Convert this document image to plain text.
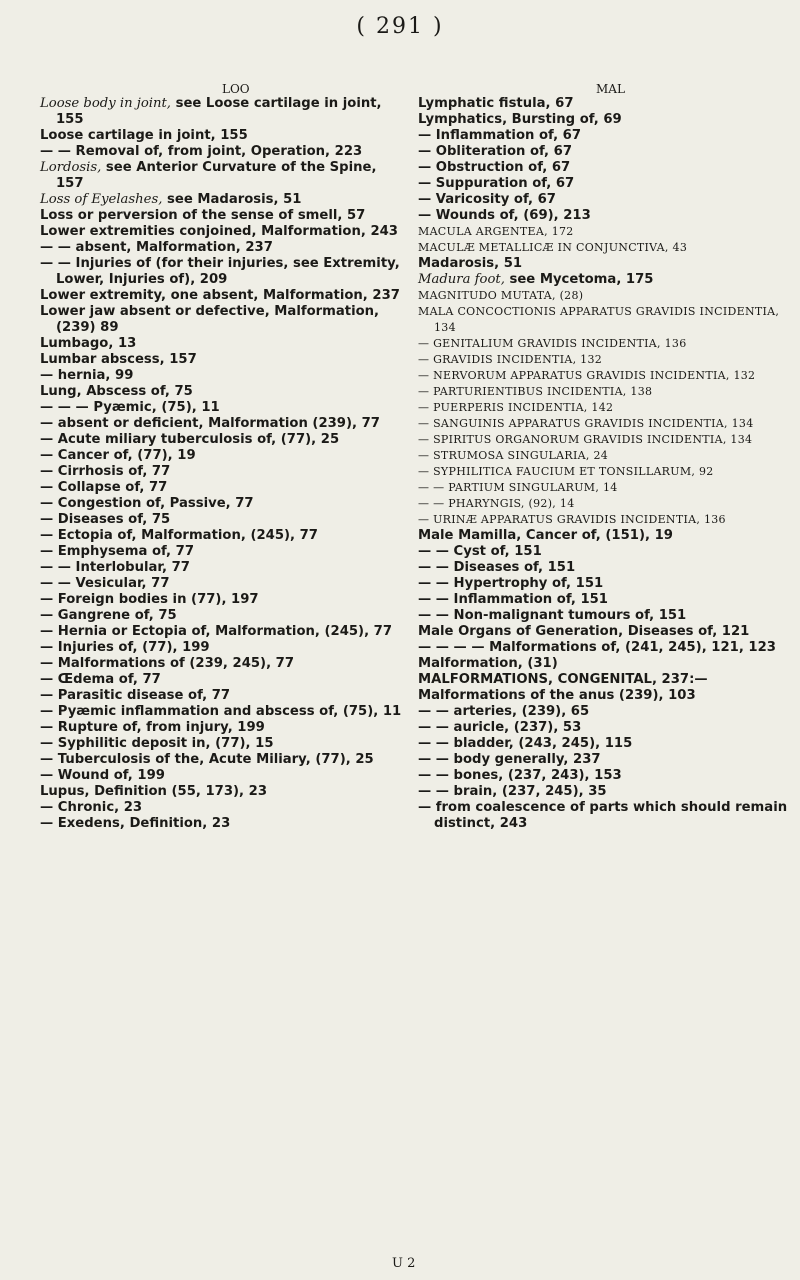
( 291 )
LOO	MAL
Loose body in joint, see Loose cartilage in joint, 155
Loose cartilage in joint, 155
— — Removal of, from joint, Operation, 223
Lordosis, see Anterior Curvature of the Spine, 157
Loss of Eyelashes, see Madarosis, 51
Loss or perversion of the sense of smell, 57
Lower extremities conjoined, Malformation, 243
— — absent, Malformation, 237
— — Injuries of (for their injuries, see Extremity, Lower, Injuries of), 209
Lower extremity, one absent, Malformation, 237
Lower jaw absent or defective, Malformation, (239) 89
Lumbago, 13
Lumbar abscess, 157
— hernia, 99
Lung, Abscess of, 75
— — — Pyæmic, (75), 11
— absent or deficient, Malformation (239), 77
— Acute miliary tuberculosis of, (77), 25
— Cancer of, (77), 19
— Cirrhosis of, 77
— Collapse of, 77
— Congestion of, Passive, 77
— Diseases of, 75
— Ectopia of, Malformation, (245), 77
— Emphysema of, 77
— — Interlobular, 77
— — Vesicular, 77
— Foreign bodies in (77), 197
— Gangrene of, 75
— Hernia or Ectopia of, Malformation, (245), 77
— Injuries of, (77), 199
— Malformations of (239, 245), 77
— Œdema of, 77
— Parasitic disease of, 77
— Pyæmic inflammation and abscess of, (75), 11
— Rupture of, from injury, 199
— Syphilitic deposit in, (77), 15
— Tuberculosis of the, Acute Miliary, (77), 25
— Wound of, 199
Lupus, Definition (55, 173), 23
— Chronic, 23
— Exedens, Definition, 23
Lymphatic fistula, 67
Lymphatics, Bursting of, 69
— Inflammation of, 67
— Obliteration of, 67
— Obstruction of, 67
— Suppuration of, 67
— Varicosity of, 67
— Wounds of, (69), 213
MACULA ARGENTEA, 172
MACULÆ METALLICÆ IN CONJUNCTIVA, 43
Madarosis, 51
Madura foot, see Mycetoma, 175
MAGNITUDO MUTATA, (28)
MALA CONCOCTIONIS APPARATUS GRAVIDIS INCIDENTIA, 134
— GENITALIUM GRAVIDIS INCIDENTIA, 136
— GRAVIDIS INCIDENTIA, 132
— NERVORUM APPARATUS GRAVIDIS INCIDENTIA, 132
— PARTURIENTIBUS INCIDENTIA, 138
— PUERPERIS INCIDENTIA, 142
— SANGUINIS APPARATUS GRAVIDIS INCIDENTIA, 134
— SPIRITUS ORGANORUM GRAVIDIS INCIDENTIA, 134
— STRUMOSA SINGULARIA, 24
— SYPHILITICA FAUCIUM ET TONSILLARUM, 92
— — PARTIUM SINGULARUM, 14
— — PHARYNGIS, (92), 14
— URINÆ APPARATUS GRAVIDIS INCIDENTIA, 136
Male Mamilla, Cancer of, (151), 19
— — Cyst of, 151
— — Diseases of, 151
— — Hypertrophy of, 151
— — Inflammation of, 151
— — Non-malignant tumours of, 151
Male Organs of Generation, Diseases of, 121
— — — — Malformations of, (241, 245), 121, 123
Malformation, (31)
MALFORMATIONS, CONGENITAL, 237:—
Malformations of the anus (239), 103
— — arteries, (239), 65
— — auricle, (237), 53
— — bladder, (243, 245), 115
— — body generally, 237
— — bones, (237, 243), 153
— — brain, (237, 245), 35
— from coalescence of parts which should remain distinct, 243
U 2
